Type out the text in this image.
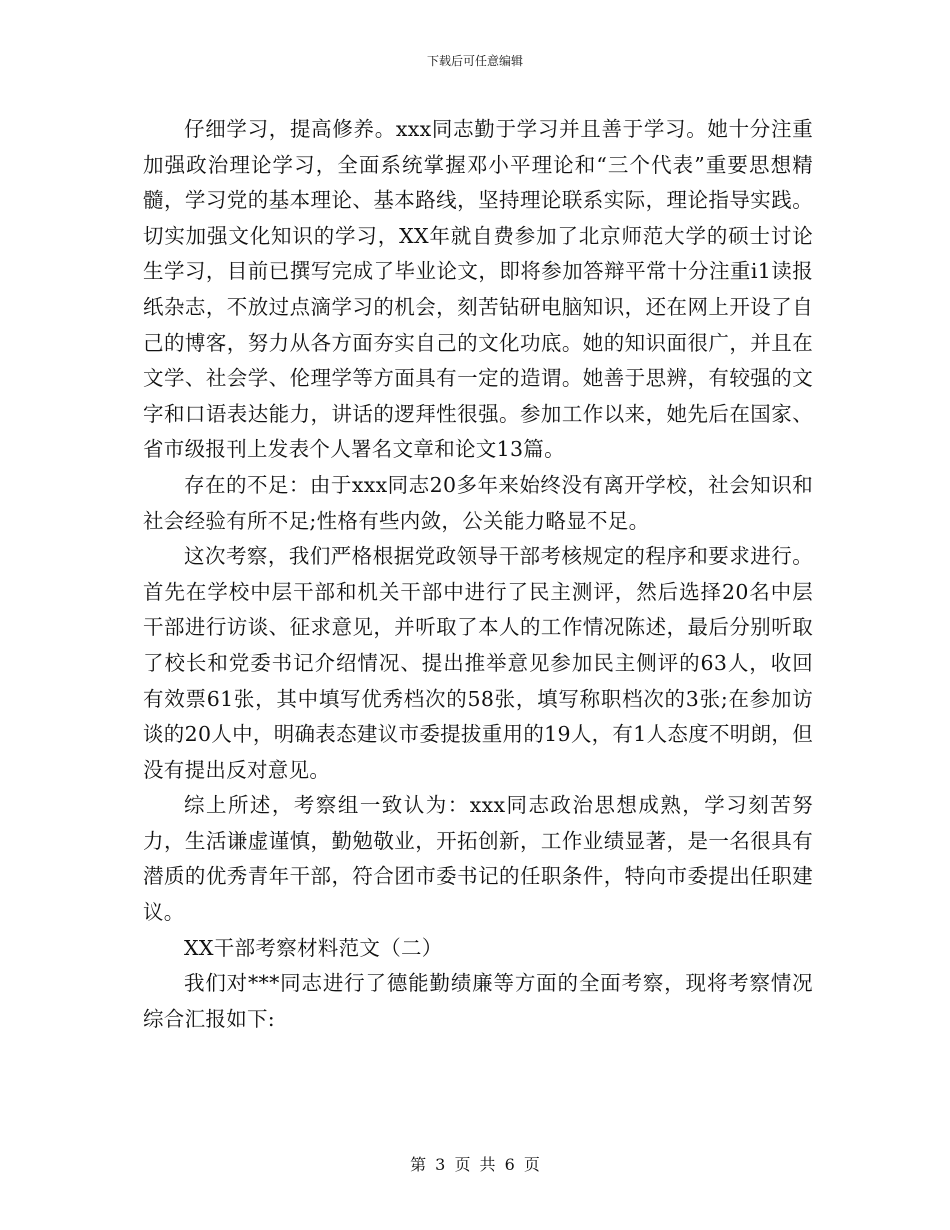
下载后可任意编辑

仔细学习，提高修养。xxx同志勤于学习并且善于学习。她十分注重加强政治理论学习，全面系统掌握邓小平理论和“三个代表”重要思想精髓，学习党的基本理论、基本路线，坚持理论联系实际，理论指导实践。切实加强文化知识的学习，XX年就自费参加了北京师范大学的硕士讨论生学习，目前已撰写完成了毕业论文，即将参加答辩平常十分注重i1读报纸杂志，不放过点滴学习的机会，刻苦钻研电脑知识，还在网上开设了自己的博客，努力从各方面夯实自己的文化功底。她的知识面很广，并且在文学、社会学、伦理学等方面具有一定的造谓。她善于思辨，有较强的文字和口语表达能力，讲话的逻拜性很强。参加工作以来，她先后在国家、省市级报刊上发表个人署名文章和论文13篇。

存在的不足：由于xxx同志20多年来始终没有离开学校，社会知识和社会经验有所不足;性格有些内敛，公关能力略显不足。

这次考察，我们严格根据党政领导干部考核规定的程序和要求进行。首先在学校中层干部和机关干部中进行了民主测评，然后选择20名中层干部进行访谈、征求意见，并听取了本人的工作情况陈述，最后分别听取了校长和党委书记介绍情况、提出推举意见参加民主侧评的63人，收回有效票61张，其中填写优秀档次的58张，填写称职档次的3张;在参加访谈的20人中，明确表态建议市委提拔重用的19人，有1人态度不明朗，但没有提出反对意见。

综上所述，考察组一致认为：xxx同志政治思想成熟，学习刻苦努力，生活谦虚谨慎，勤勉敬业，开拓创新，工作业绩显著，是一名很具有潜质的优秀青年干部，符合团市委书记的任职条件，特向市委提出任职建议。

XX干部考察材料范文（二）

我们对***同志进行了德能勤绩廉等方面的全面考察，现将考察情况综合汇报如下:

第 3 页 共 6 页
